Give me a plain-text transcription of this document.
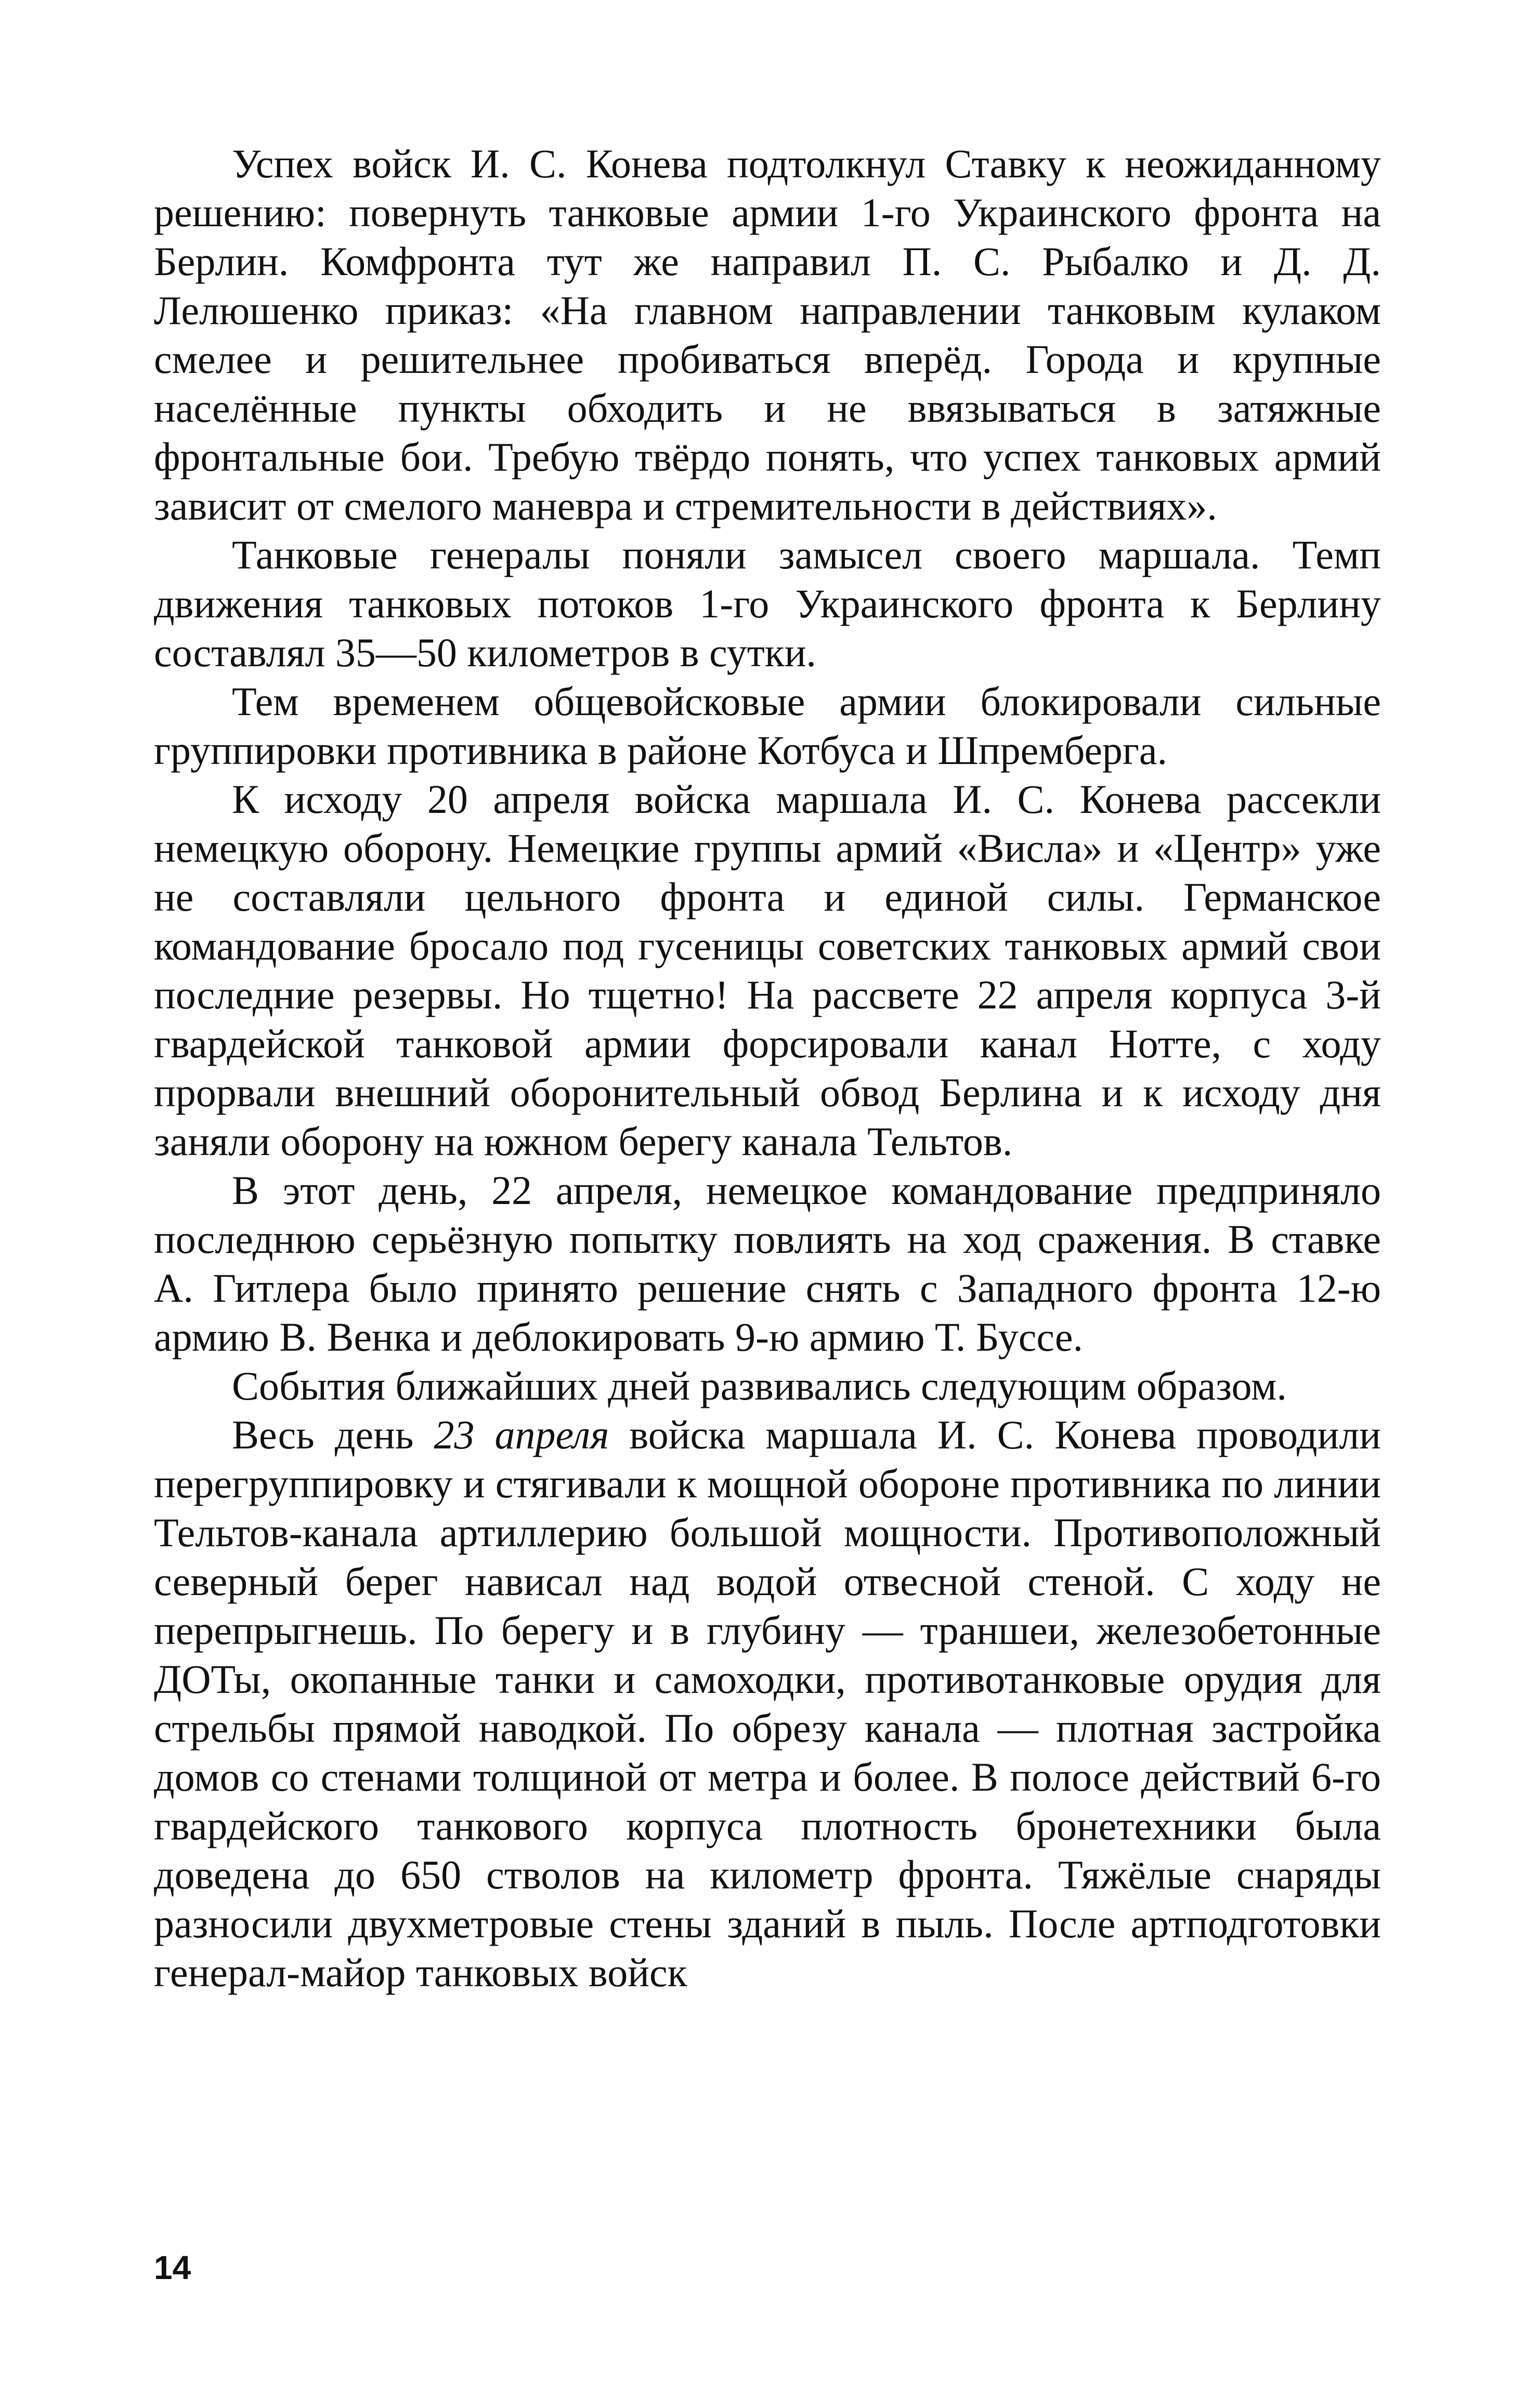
Успех войск И. С. Конева подтолкнул Ставку к неожиданному решению: повернуть танковые армии 1-го Украинского фронта на Берлин. Комфронта тут же направил П. С. Рыбалко и Д. Д. Лелюшенко приказ: «На главном направлении танковым кулаком смелее и решительнее пробиваться вперёд. Города и крупные населённые пункты обходить и не ввязываться в затяжные фронтальные бои. Требую твёрдо понять, что успех танковых армий зависит от смелого маневра и стремительности в действиях».

Танковые генералы поняли замысел своего маршала. Темп движения танковых потоков 1-го Украинского фронта к Берлину составлял 35—50 километров в сутки.

Тем временем общевойсковые армии блокировали сильные группировки противника в районе Котбуса и Шпремберга.

К исходу 20 апреля войска маршала И. С. Конева рассекли немецкую оборону. Немецкие группы армий «Висла» и «Центр» уже не составляли цельного фронта и единой силы. Германское командование бросало под гусеницы советских танковых армий свои последние резервы. Но тщетно! На рассвете 22 апреля корпуса 3-й гвардейской танковой армии форсировали канал Нотте, с ходу прорвали внешний оборонительный обвод Берлина и к исходу дня заняли оборону на южном берегу канала Тельтов.

В этот день, 22 апреля, немецкое командование предприняло последнюю серьёзную попытку повлиять на ход сражения. В ставке А. Гитлера было принято решение снять с Западного фронта 12-ю армию В. Венка и деблокировать 9-ю армию Т. Буссе.

События ближайших дней развивались следующим образом.

Весь день 23 апреля войска маршала И. С. Конева проводили перегруппировку и стягивали к мощной обороне противника по линии Тельтов-канала артиллерию большой мощности. Противоположный северный берег нависал над водой отвесной стеной. С ходу не перепрыгнешь. По берегу и в глубину — траншеи, железобетонные ДОТы, окопанные танки и самоходки, противотанковые орудия для стрельбы прямой наводкой. По обрезу канала — плотная застройка домов со стенами толщиной от метра и более. В полосе действий 6-го гвардейского танкового корпуса плотность бронетехники была доведена до 650 стволов на километр фронта. Тяжёлые снаряды разносили двухметровые стены зданий в пыль. После артподготовки генерал-майор танковых войск

14
